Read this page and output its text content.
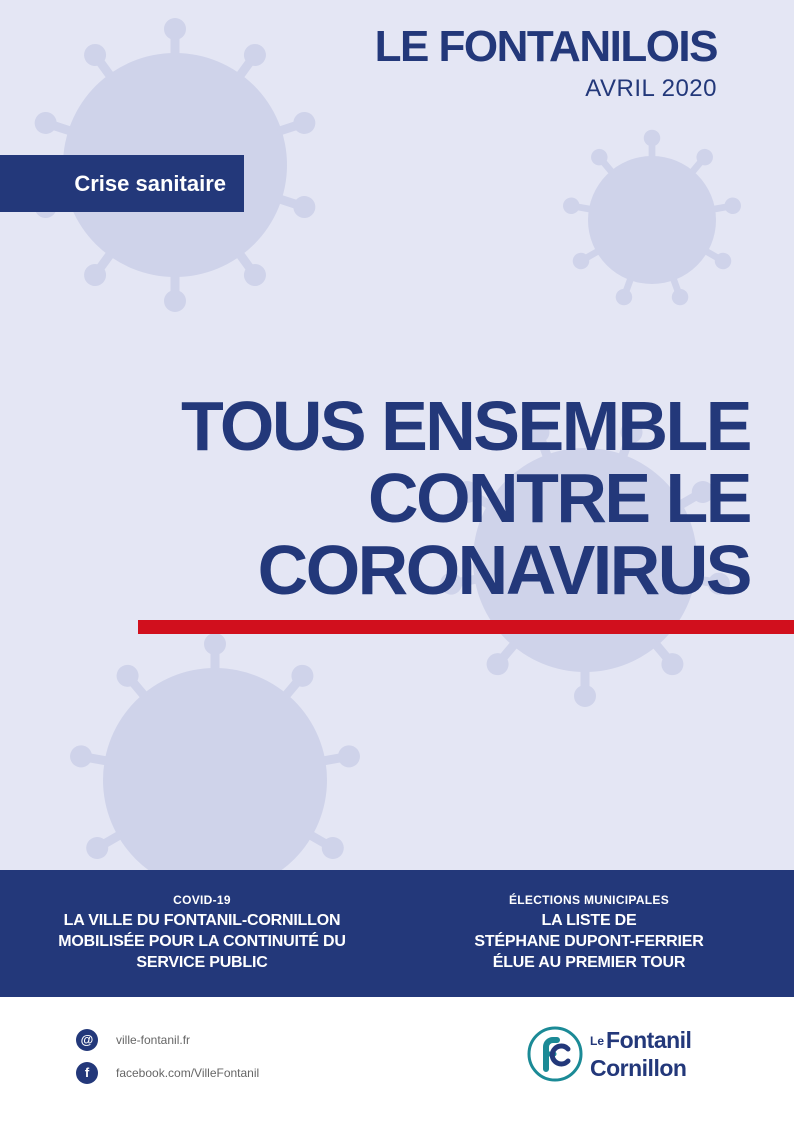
LE FONTANILOIS
AVRIL 2020
Crise sanitaire
TOUS ENSEMBLE
CONTRE LE
CORONAVIRUS
COVID-19
LA VILLE DU FONTANIL-CORNILLON
MOBILISÉE POUR LA CONTINUITÉ DU
SERVICE PUBLIC
ÉLECTIONS MUNICIPALES
LA LISTE DE
STÉPHANE DUPONT-FERRIER
ÉLUE AU PREMIER TOUR
@	ville-fontanil.fr
f	facebook.com/VilleFontanil
LeFontanil
Cornillon
